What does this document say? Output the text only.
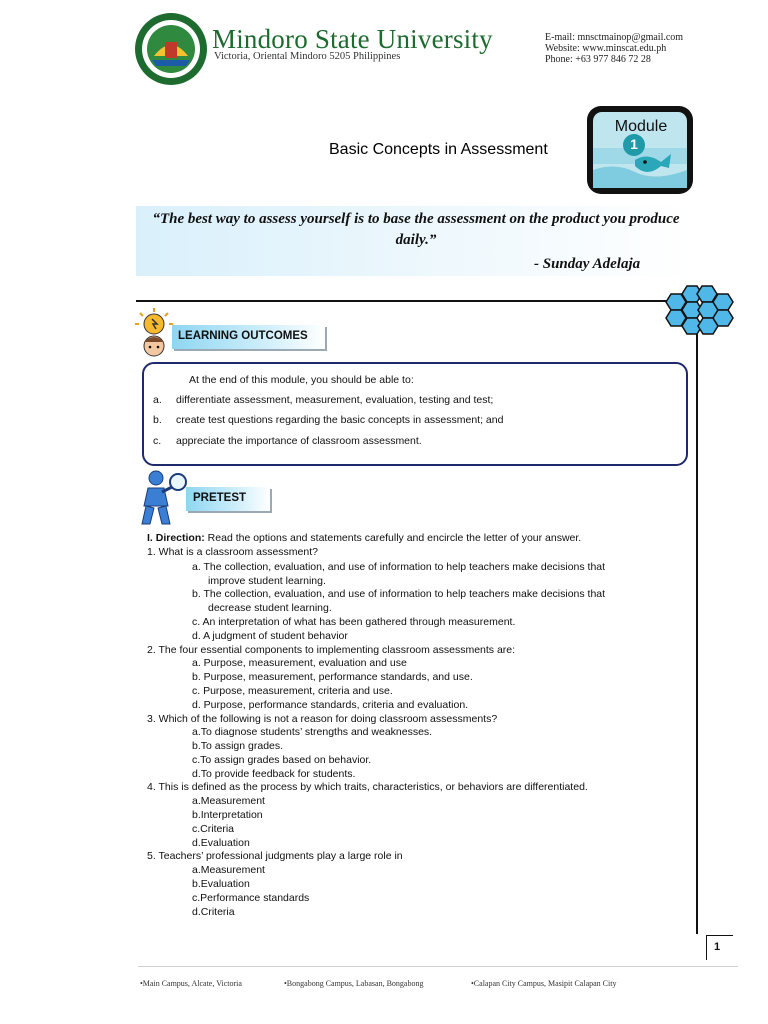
Mindoro State University
Victoria, Oriental Mindoro 5205 Philippines
E-mail: mnsctmainop@gmail.com
Website: www.minscat.edu.ph
Phone: +63 977 846 72 28
Basic Concepts in Assessment
Module
1
“The best way to assess yourself is to base the assessment on the product you produce daily.”
- Sunday Adelaja
LEARNING OUTCOMES
At the end of this module, you should be able to:
a. differentiate assessment, measurement, evaluation, testing and test;
b. create test questions regarding the basic concepts in assessment; and
c. appreciate the importance of classroom assessment.
PRETEST
I. Direction: Read the options and statements carefully and encircle the letter of your answer.
1. What is a classroom assessment?
a. The collection, evaluation, and use of information to help teachers make decisions that
improve student learning.
b. The collection, evaluation, and use of information to help teachers make decisions that
decrease student learning.
c. An interpretation of what has been gathered through measurement.
d. A judgment of student behavior
2. The four essential components to implementing classroom assessments are:
a. Purpose, measurement, evaluation and use
b. Purpose, measurement, performance standards, and use.
c. Purpose, measurement, criteria and use.
d. Purpose, performance standards, criteria and evaluation.
3. Which of the following is not a reason for doing classroom assessments?
a.To diagnose students’ strengths and weaknesses.
b.To assign grades.
c.To assign grades based on behavior.
d.To provide feedback for students.
4. This is defined as the process by which traits, characteristics, or behaviors are differentiated.
a.Measurement
b.Interpretation
c.Criteria
d.Evaluation
5. Teachers’ professional judgments play a large role in
a.Measurement
b.Evaluation
c.Performance standards
d.Criteria
1
•Main Campus, Alcate, Victoria	•Bongabong Campus, Labasan, Bongabong	•Calapan City Campus, Masipit Calapan City
